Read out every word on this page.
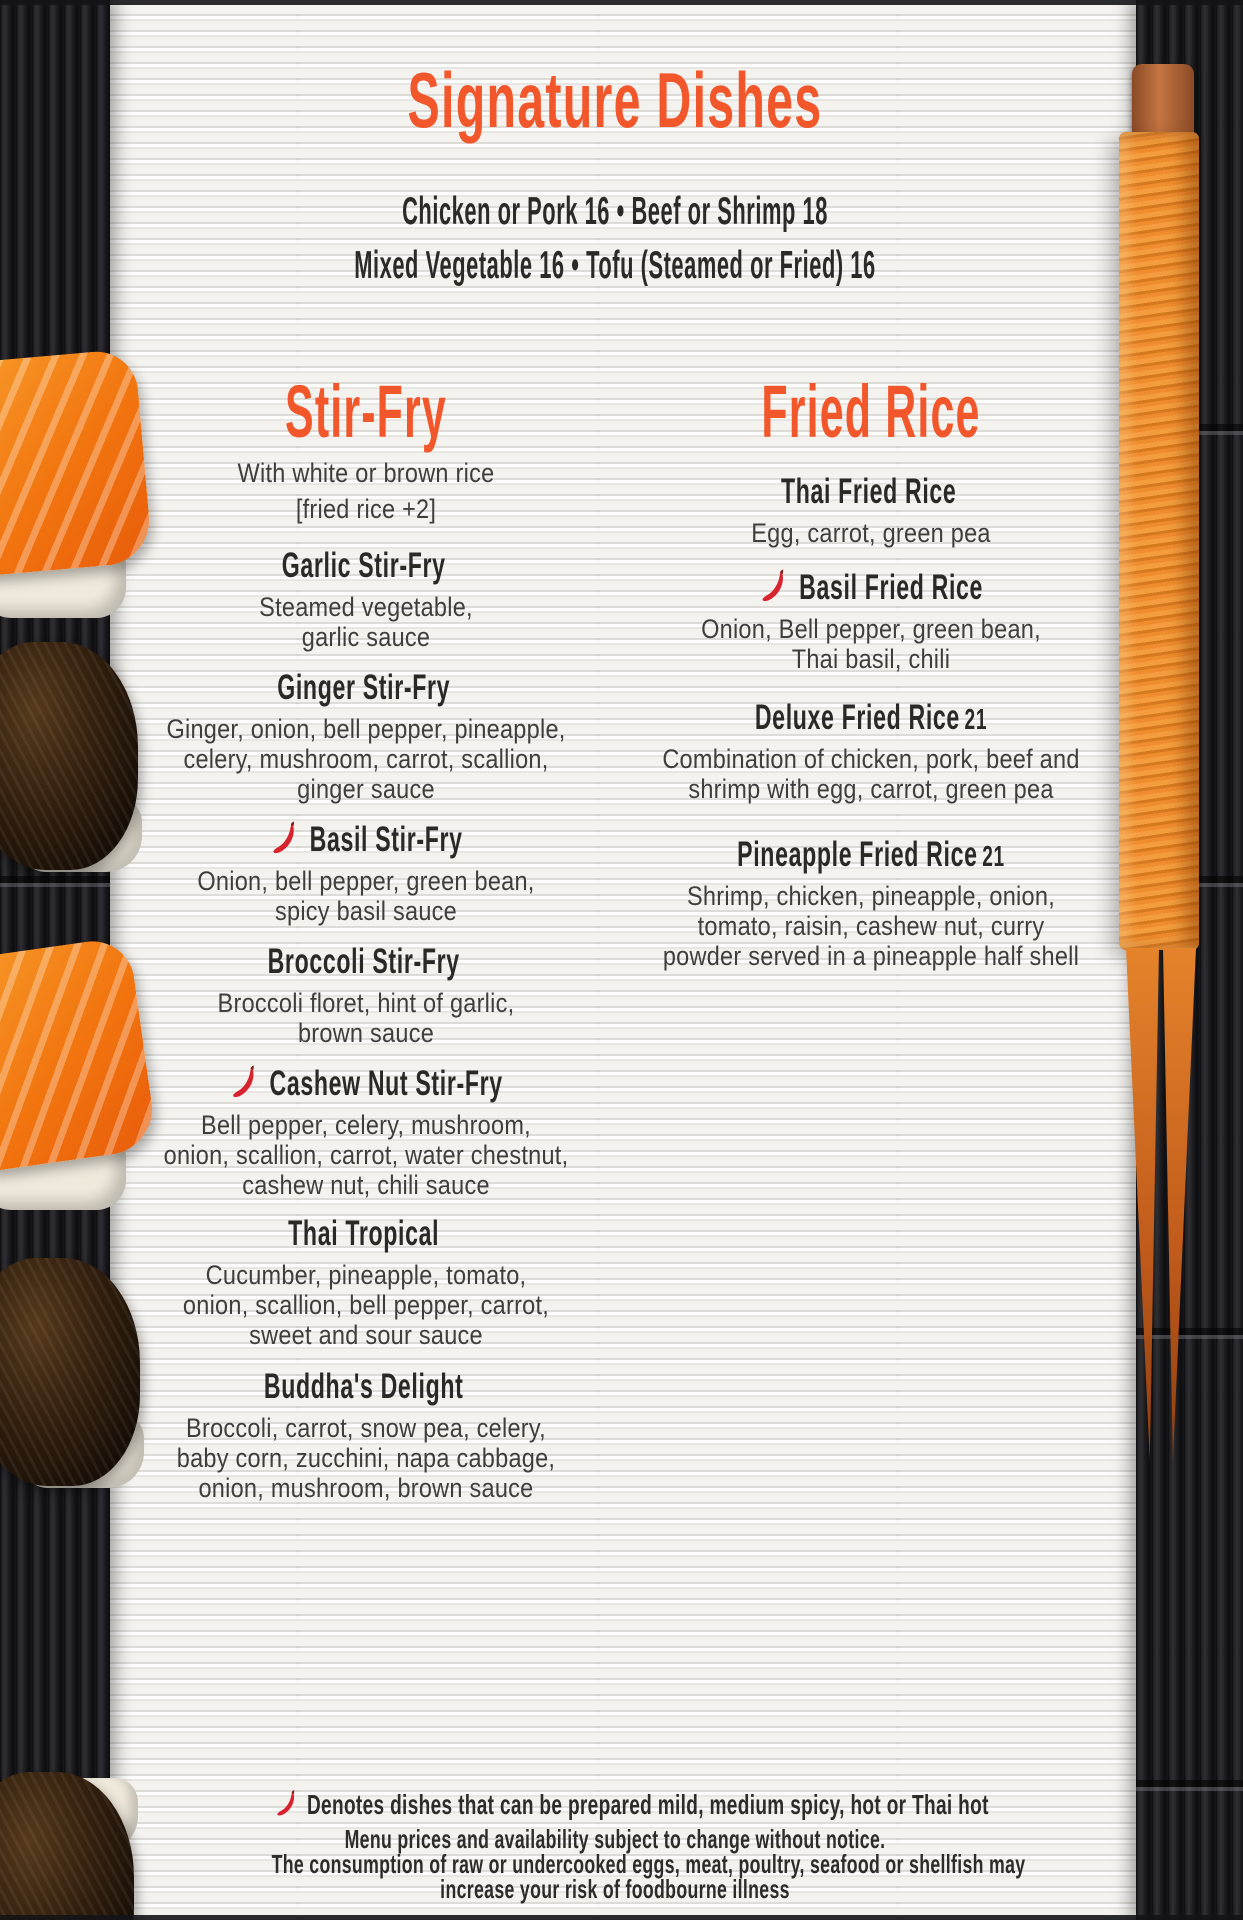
Signature Dishes
Chicken or Pork 16 • Beef or Shrimp 18
Mixed Vegetable 16 • Tofu (Steamed or Fried) 16
Stir-Fry
With white or brown rice
[fried rice +2]
Garlic Stir-Fry
Steamed vegetable,
garlic sauce
Ginger Stir-Fry
Ginger, onion, bell pepper, pineapple,
celery, mushroom, carrot, scallion,
ginger sauce
Basil Stir-Fry
Onion, bell pepper, green bean,
spicy basil sauce
Broccoli Stir-Fry
Broccoli floret, hint of garlic,
brown sauce
Cashew Nut Stir-Fry
Bell pepper, celery, mushroom,
onion, scallion, carrot, water chestnut,
cashew nut, chili sauce
Thai Tropical
Cucumber, pineapple, tomato,
onion, scallion, bell pepper, carrot,
sweet and sour sauce
Buddha's Delight
Broccoli, carrot, snow pea, celery,
baby corn, zucchini, napa cabbage,
onion, mushroom, brown sauce
Fried Rice
Thai Fried Rice
Egg, carrot, green pea
Basil Fried Rice
Onion, Bell pepper, green bean,
Thai basil, chili
Deluxe Fried Rice 21
Combination of chicken, pork, beef and
shrimp with egg, carrot, green pea
Pineapple Fried Rice 21
Shrimp, chicken, pineapple, onion,
tomato, raisin, cashew nut, curry
powder served in a pineapple half shell
Denotes dishes that can be prepared mild, medium spicy, hot or Thai hot
Menu prices and availability subject to change without notice.
The consumption of raw or undercooked eggs, meat, poultry, seafood or shellfish may
increase your risk of foodbourne illness
